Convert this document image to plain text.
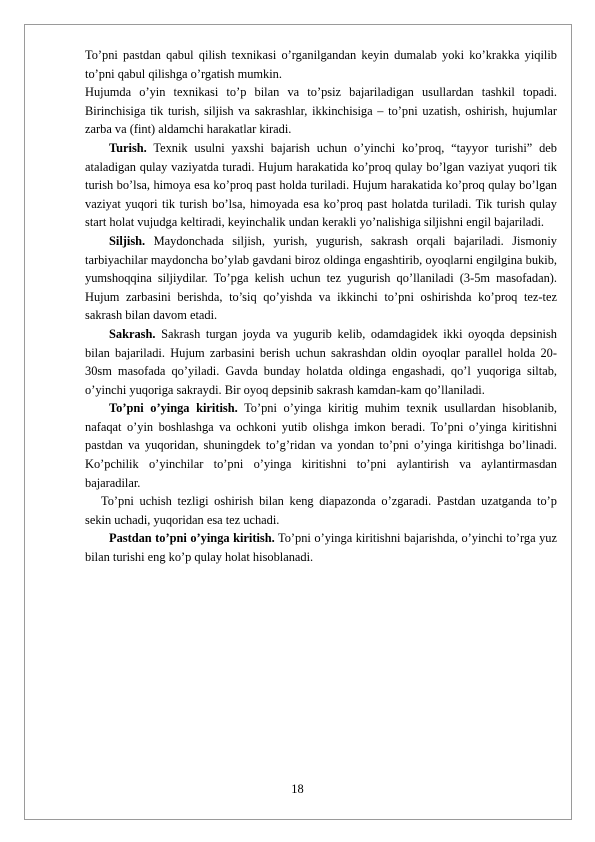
To’pni pastdan qabul qilish texnikasi o’rganilgandan keyin dumalab yoki ko’krakka yiqilib to’pni qabul qilishga o’rgatish mumkin.

Hujumda o’yin texnikasi to’p bilan va to’psiz bajariladigan usullardan tashkil topadi. Birinchisiga tik turish, siljish va sakrashlar, ikkinchisiga – to’pni uzatish, oshirish, hujumlar zarba va (fint) aldamchi harakatlar kiradi.

Turish. Texnik usulni yaxshi bajarish uchun o’yinchi ko’proq, “tayyor turishi” deb ataladigan qulay vaziyatda turadi. Hujum harakatida ko’proq qulay bo’lgan vaziyat yuqori tik turish bo’lsa, himoya esa ko’proq past holda turiladi. Hujum harakatida ko’proq qulay bo’lgan vaziyat yuqori tik turish bo’lsa, himoyada esa ko’proq past holatda turiladi. Tik turish qulay start holat vujudga keltiradi, keyinchalik undan kerakli yo’nalishiga siljishni engil bajariladi.

Siljish. Maydonchada siljish, yurish, yugurish, sakrash orqali bajariladi. Jismoniy tarbiyachilar maydoncha bo’ylab gavdani biroz oldinga engashtirib, oyoqlarni engilgina bukib, yumshoqqina siljiydilar. To’pga kelish uchun tez yugurish qo’llaniladi (3-5m masofadan). Hujum zarbasini berishda, to’siq qo’yishda va ikkinchi to’pni oshirishda ko’proq tez-tez sakrash bilan davom etadi.

Sakrash. Sakrash turgan joyda va yugurib kelib, odamdagidek ikki oyoqda depsinish bilan bajariladi. Hujum zarbasini berish uchun sakrashdan oldin oyoqlar parallel holda 20-30sm masofada qo’yiladi. Gavda bunday holatda oldinga engashadi, qo’l yuqoriga siltab, o’yinchi yuqoriga sakraydi. Bir oyoq depsinib sakrash kamdan-kam qo’llaniladi.

To’pni o’yinga kiritish. To’pni o’yinga kiritig muhim texnik usullardan hisoblanib, nafaqat o’yin boshlashga va ochkoni yutib olishga imkon beradi. To’pni o’yinga kiritishni pastdan va yuqoridan, shuningdek to’g’ridan va yondan to’pni o’yinga kiritishga bo’linadi. Ko’pchilik o’yinchilar to’pni o’yinga kiritishni to’pni aylantirish va aylantirmasdan bajaradilar.

To’pni uchish tezligi oshirish bilan keng diapazonda o’zgaradi. Pastdan uzatganda to’p sekin uchadi, yuqoridan esa tez uchadi.

Pastdan to’pni o’yinga kiritish. To’pni o’yinga kiritishni bajarishda, o’yinchi to’rga yuz bilan turishi eng ko’p qulay holat hisoblanadi.

18
